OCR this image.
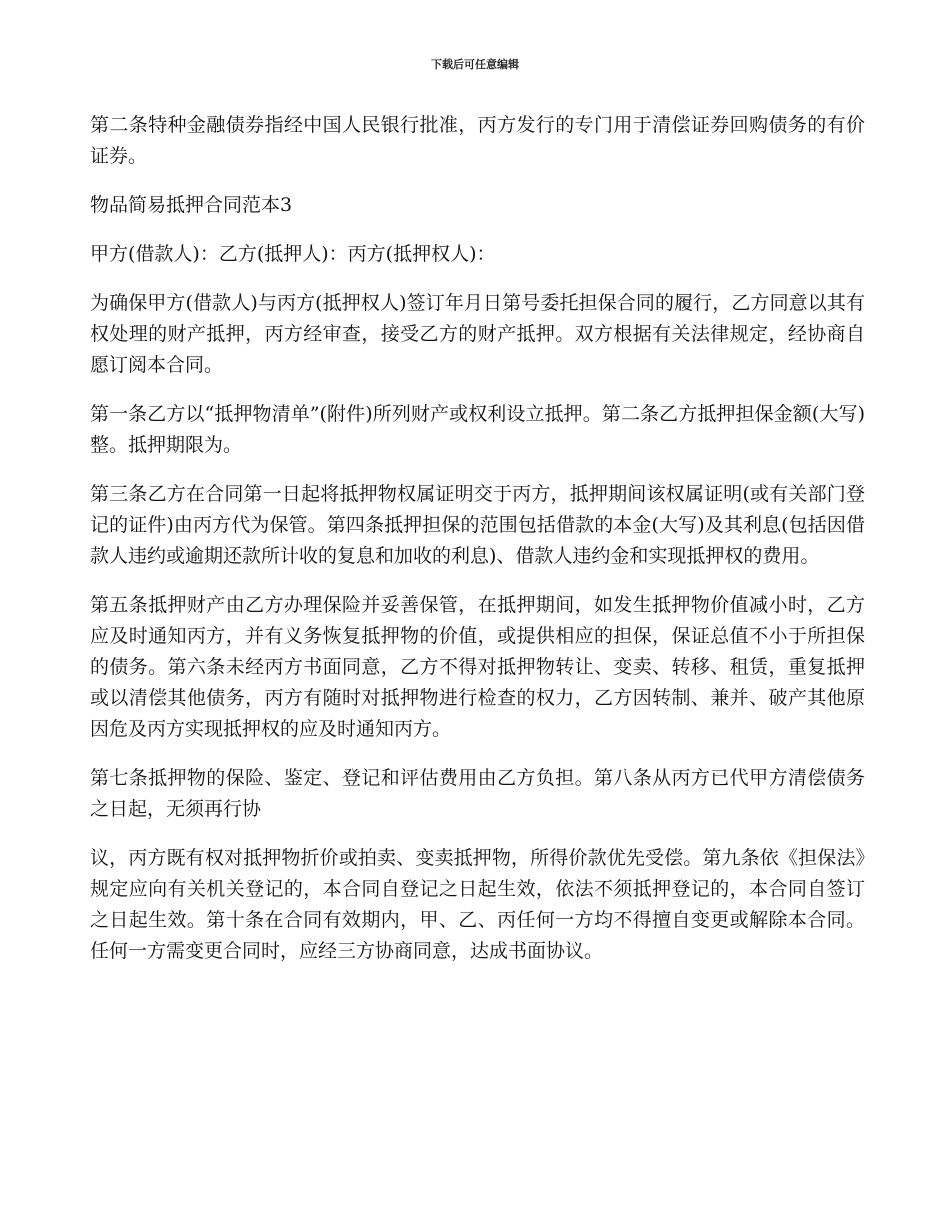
下载后可任意编辑

第二条特种金融债券指经中国人民银行批准，丙方发行的专门用于清偿证券回购债务的有价证券。

物品简易抵押合同范本3

甲方(借款人)：乙方(抵押人)：丙方(抵押权人)：

为确保甲方(借款人)与丙方(抵押权人)签订年月日第号委托担保合同的履行，乙方同意以其有权处理的财产抵押，丙方经审查，接受乙方的财产抵押。双方根据有关法律规定，经协商自愿订阅本合同。

第一条乙方以“抵押物清单”(附件)所列财产或权利设立抵押。第二条乙方抵押担保金额(大写)整。抵押期限为。

第三条乙方在合同第一日起将抵押物权属证明交于丙方，抵押期间该权属证明(或有关部门登记的证件)由丙方代为保管。第四条抵押担保的范围包括借款的本金(大写)及其利息(包括因借款人违约或逾期还款所计收的复息和加收的利息)、借款人违约金和实现抵押权的费用。

第五条抵押财产由乙方办理保险并妥善保管，在抵押期间，如发生抵押物价值减小时，乙方应及时通知丙方，并有义务恢复抵押物的价值，或提供相应的担保，保证总值不小于所担保的债务。第六条未经丙方书面同意，乙方不得对抵押物转让、变卖、转移、租赁，重复抵押或以清偿其他债务，丙方有随时对抵押物进行检查的权力，乙方因转制、兼并、破产其他原因危及丙方实现抵押权的应及时通知丙方。

第七条抵押物的保险、鉴定、登记和评估费用由乙方负担。第八条从丙方已代甲方清偿债务之日起，无须再行协

议，丙方既有权对抵押物折价或拍卖、变卖抵押物，所得价款优先受偿。第九条依《担保法》规定应向有关机关登记的，本合同自登记之日起生效，依法不须抵押登记的，本合同自签订之日起生效。第十条在合同有效期内，甲、乙、丙任何一方均不得擅自变更或解除本合同。任何一方需变更合同时，应经三方协商同意，达成书面协议。
